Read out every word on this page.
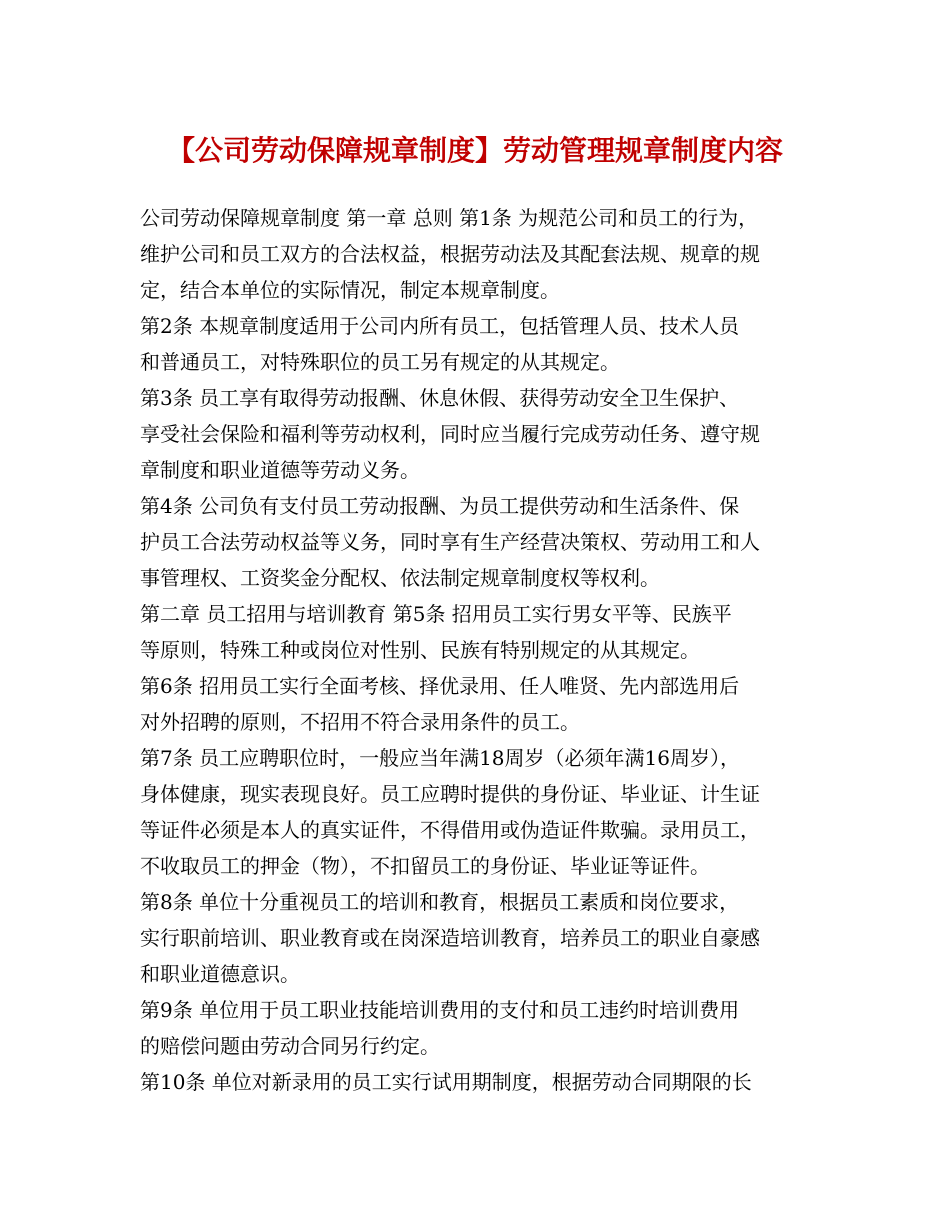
【公司劳动保障规章制度】劳动管理规章制度内容
公司劳动保障规章制度 第一章 总则 第1条 为规范公司和员工的行为，
维护公司和员工双方的合法权益，根据劳动法及其配套法规、规章的规
定，结合本单位的实际情况，制定本规章制度。
第2条 本规章制度适用于公司内所有员工，包括管理人员、技术人员
和普通员工，对特殊职位的员工另有规定的从其规定。
第3条 员工享有取得劳动报酬、休息休假、获得劳动安全卫生保护、
享受社会保险和福利等劳动权利，同时应当履行完成劳动任务、遵守规
章制度和职业道德等劳动义务。
第4条 公司负有支付员工劳动报酬、为员工提供劳动和生活条件、保
护员工合法劳动权益等义务，同时享有生产经营决策权、劳动用工和人
事管理权、工资奖金分配权、依法制定规章制度权等权利。
第二章 员工招用与培训教育 第5条 招用员工实行男女平等、民族平
等原则，特殊工种或岗位对性别、民族有特别规定的从其规定。
第6条 招用员工实行全面考核、择优录用、任人唯贤、先内部选用后
对外招聘的原则，不招用不符合录用条件的员工。
第7条 员工应聘职位时，一般应当年满18周岁（必须年满16周岁），
身体健康，现实表现良好。员工应聘时提供的身份证、毕业证、计生证
等证件必须是本人的真实证件，不得借用或伪造证件欺骗。录用员工，
不收取员工的押金（物），不扣留员工的身份证、毕业证等证件。
第8条 单位十分重视员工的培训和教育，根据员工素质和岗位要求，
实行职前培训、职业教育或在岗深造培训教育，培养员工的职业自豪感
和职业道德意识。
第9条 单位用于员工职业技能培训费用的支付和员工违约时培训费用
的赔偿问题由劳动合同另行约定。
第10条 单位对新录用的员工实行试用期制度，根据劳动合同期限的长
